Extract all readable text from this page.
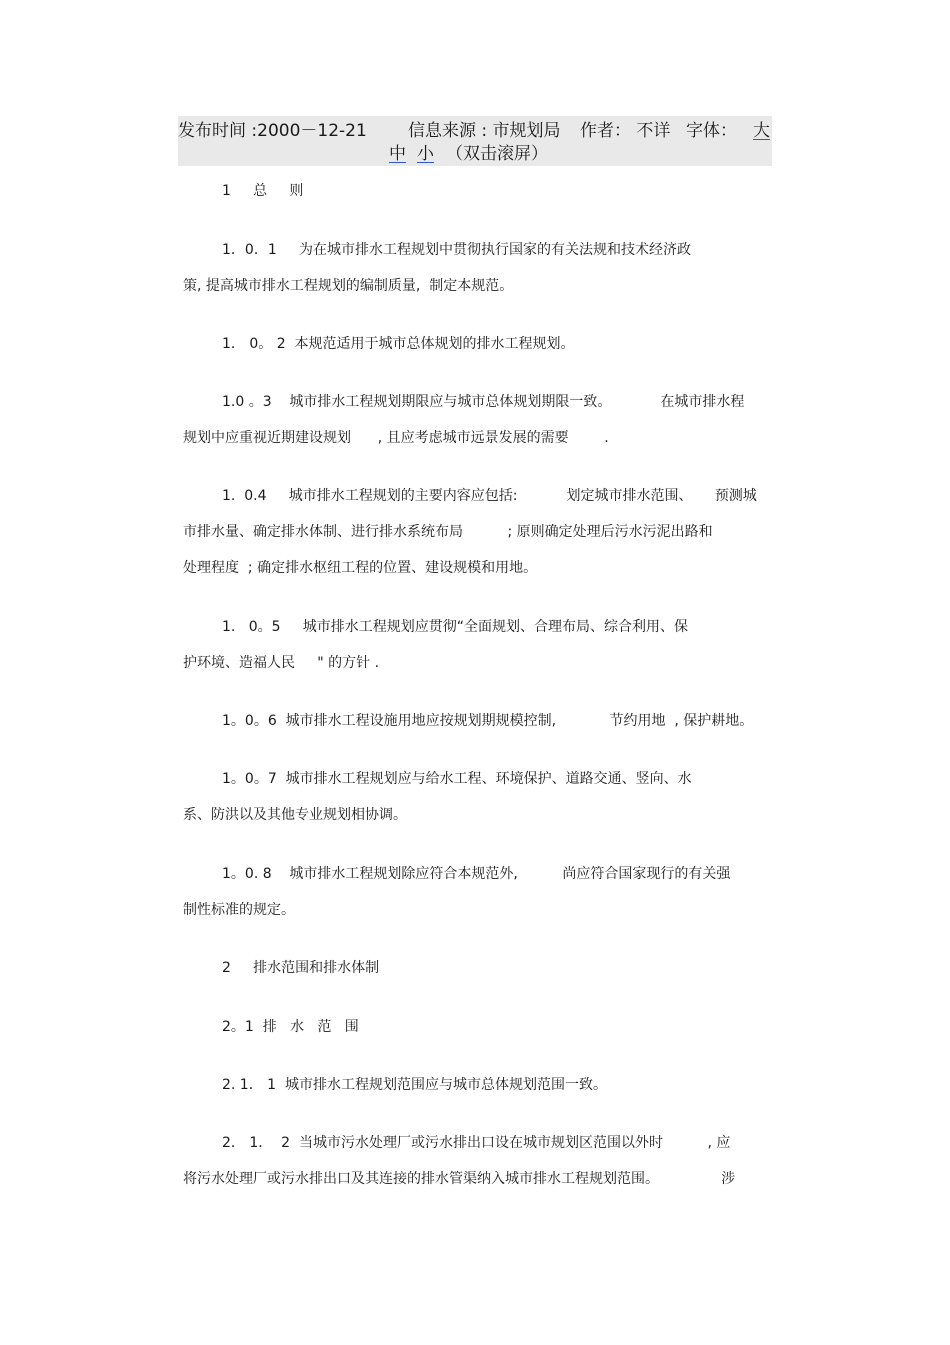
发布时间 :2000－12-21 信息来源 : 市规划局 作者： 不详 字体： 大
中 小 （双击滚屏）
1     总     则
1．0．1     为在城市排水工程规划中贯彻执行国家的有关法规和技术经济政
策, 提高城市排水工程规划的编制质量,  制定本规范。
1． 0。 2  本规范适用于城市总体规划的排水工程规划。
1.0 。3    城市排水工程规划期限应与城市总体规划期限一致。           在城市排水程
规划中应重视近期建设规划      , 且应考虑城市远景发展的需要        .
1.  0.4     城市排水工程规划的主要内容应包括:           划定城市排水范围、     预测城
市排水量、确定排水体制、进行排水系统布局          ; 原则确定处理后污水污泥出路和
处理程度  ; 确定排水枢纽工程的位置、建设规模和用地。
1.   0。5     城市排水工程规划应贯彻“全面规划、合理布局、综合利用、保
护环境、造福人民     " 的方针 .
1。0。6  城市排水工程设施用地应按规划期规模控制,            节约用地  , 保护耕地。
1。0。7  城市排水工程规划应与给水工程、环境保护、道路交通、竖向、水
系、防洪以及其他专业规划相协调。
1。0. 8    城市排水工程规划除应符合本规范外,          尚应符合国家现行的有关强
制性标准的规定。
2     排水范围和排水体制
2。1  排   水   范   围
2. 1． 1  城市排水工程规划范围应与城市总体规划范围一致。
2． 1．  2  当城市污水处理厂或污水排出口设在城市规划区范围以外时          , 应
将污水处理厂或污水排出口及其连接的排水管渠纳入城市排水工程规划范围。              涉
